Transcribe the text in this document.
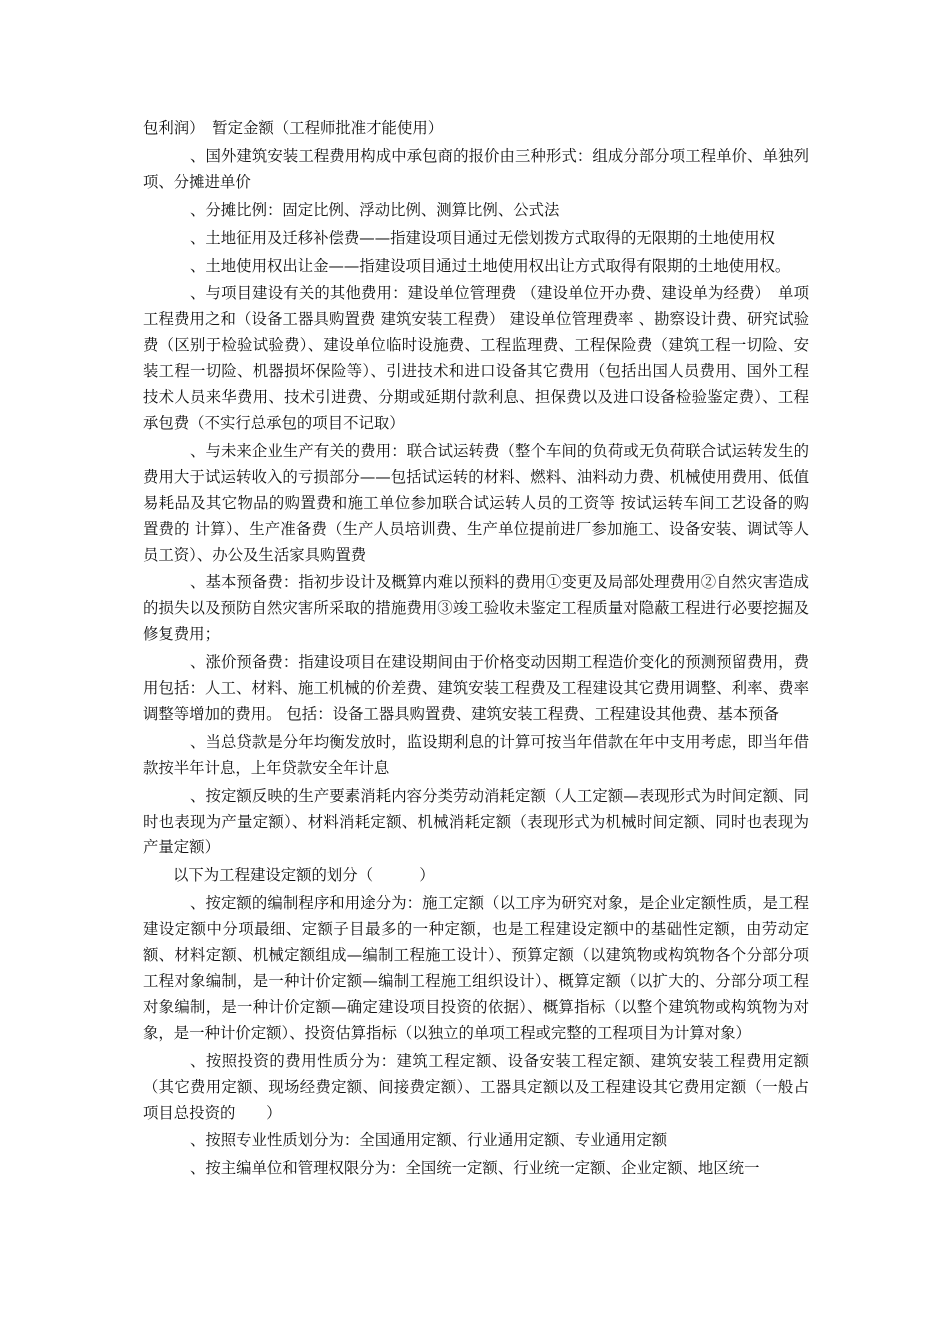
包利润）　暂定金额（工程师批准才能使用）

、国外建筑安装工程费用构成中承包商的报价由三种形式：组成分部分项工程单价、单独列项、分摊进单价

、分摊比例：固定比例、浮动比例、测算比例、公式法

、土地征用及迁移补偿费——指建设项目通过无偿划拨方式取得的无限期的土地使用权

、土地使用权出让金——指建设项目通过土地使用权出让方式取得有限期的土地使用权。

、与项目建设有关的其他费用：建设单位管理费 （建设单位开办费、建设单为经费）　单项工程费用之和（设备工器具购置费 建筑安装工程费） 建设单位管理费率 、勘察设计费、研究试验费（区别于检验试验费）、建设单位临时设施费、工程监理费、工程保险费（建筑工程一切险、安装工程一切险、机器损坏保险等）、引进技术和进口设备其它费用（包括出国人员费用、国外工程技术人员来华费用、技术引进费、分期或延期付款利息、担保费以及进口设备检验鉴定费）、工程承包费（不实行总承包的项目不记取）

、与未来企业生产有关的费用：联合试运转费（整个车间的负荷或无负荷联合试运转发生的费用大于试运转收入的亏损部分——包括试运转的材料、燃料、油料动力费、机械使用费用、低值易耗品及其它物品的购置费和施工单位参加联合试运转人员的工资等 按试运转车间工艺设备的购置费的 计算）、生产准备费（生产人员培训费、生产单位提前进厂参加施工、设备安装、调试等人员工资）、办公及生活家具购置费

、基本预备费：指初步设计及概算内难以预料的费用①变更及局部处理费用②自然灾害造成的损失以及预防自然灾害所采取的措施费用③竣工验收未鉴定工程质量对隐蔽工程进行必要挖掘及修复费用；

、涨价预备费：指建设项目在建设期间由于价格变动因期工程造价变化的预测预留费用，费用包括：人工、材料、施工机械的价差费、建筑安装工程费及工程建设其它费用调整、利率、费率调整等增加的费用。 包括：设备工器具购置费、建筑安装工程费、工程建设其他费、基本预备

、当总贷款是分年均衡发放时，监设期利息的计算可按当年借款在年中支用考虑，即当年借款按半年计息，上年贷款安全年计息

、按定额反映的生产要素消耗内容分类劳动消耗定额（人工定额—表现形式为时间定额、同时也表现为产量定额）、材料消耗定额、机械消耗定额（表现形式为机械时间定额、同时也表现为产量定额）

以下为工程建设定额的划分（　　　）

、按定额的编制程序和用途分为：施工定额（以工序为研究对象，是企业定额性质，是工程建设定额中分项最细、定额子目最多的一种定额，也是工程建设定额中的基础性定额，由劳动定额、材料定额、机械定额组成—编制工程施工设计）、预算定额（以建筑物或构筑物各个分部分项工程对象编制，是一种计价定额—编制工程施工组织设计）、概算定额（以扩大的、分部分项工程对象编制，是一种计价定额—确定建设项目投资的依据）、概算指标（以整个建筑物或构筑物为对象，是一种计价定额）、投资估算指标（以独立的单项工程或完整的工程项目为计算对象）

、按照投资的费用性质分为：建筑工程定额、设备安装工程定额、建筑安装工程费用定额（其它费用定额、现场经费定额、间接费定额）、工器具定额以及工程建设其它费用定额（一般占项目总投资的　　）

、按照专业性质划分为：全国通用定额、行业通用定额、专业通用定额

、按主编单位和管理权限分为：全国统一定额、行业统一定额、企业定额、地区统一
